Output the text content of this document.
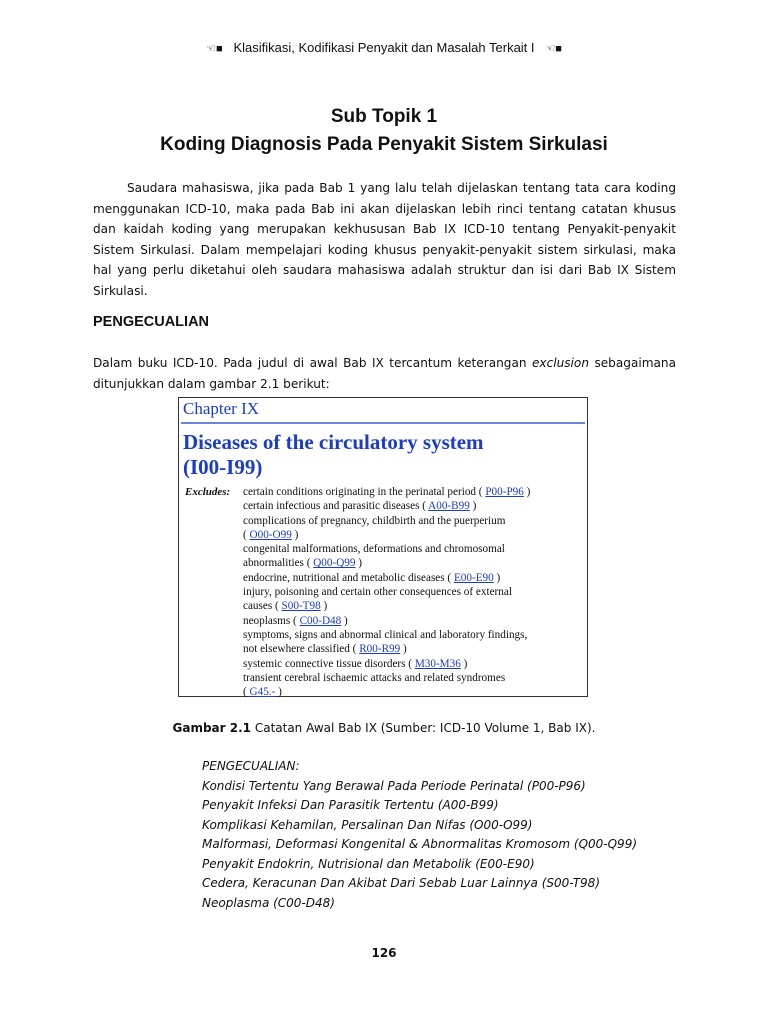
☜■ Klasifikasi, Kodifikasi Penyakit dan Masalah Terkait I ☜■
Sub Topik 1
Koding Diagnosis Pada Penyakit Sistem Sirkulasi

Saudara mahasiswa, jika pada Bab 1 yang lalu telah dijelaskan tentang tata cara koding menggunakan ICD-10, maka pada Bab ini akan dijelaskan lebih rinci tentang catatan khusus dan kaidah koding yang merupakan kekhususan Bab IX ICD-10 tentang Penyakit-penyakit Sistem Sirkulasi. Dalam mempelajari koding khusus penyakit-penyakit sistem sirkulasi, maka hal yang perlu diketahui oleh saudara mahasiswa adalah struktur dan isi dari Bab IX Sistem Sirkulasi.

PENGECUALIAN

Dalam buku ICD-10. Pada judul di awal Bab IX tercantum keterangan exclusion sebagaimana ditunjukkan dalam gambar 2.1 berikut:

Chapter IX
Diseases of the circulatory system
(I00-I99)
Excludes: certain conditions originating in the perinatal period ( P00-P96 )
certain infectious and parasitic diseases ( A00-B99 )
complications of pregnancy, childbirth and the puerperium
( O00-O99 )
congenital malformations, deformations and chromosomal
abnormalities ( Q00-Q99 )
endocrine, nutritional and metabolic diseases ( E00-E90 )
injury, poisoning and certain other consequences of external
causes ( S00-T98 )
neoplasms ( C00-D48 )
symptoms, signs and abnormal clinical and laboratory findings,
not elsewhere classified ( R00-R99 )
systemic connective tissue disorders ( M30-M36 )
transient cerebral ischaemic attacks and related syndromes
( G45.- )
Gambar 2.1 Catatan Awal Bab IX (Sumber: ICD-10 Volume 1, Bab IX).
PENGECUALIAN:
Kondisi Tertentu Yang Berawal Pada Periode Perinatal (P00-P96)
Penyakit Infeksi Dan Parasitik Tertentu (A00-B99)
Komplikasi Kehamilan, Persalinan Dan Nifas (O00-O99)
Malformasi, Deformasi Kongenital & Abnormalitas Kromosom (Q00-Q99)
Penyakit Endokrin, Nutrisional dan Metabolik (E00-E90)
Cedera, Keracunan Dan Akibat Dari Sebab Luar Lainnya (S00-T98)
Neoplasma (C00-D48)
126
